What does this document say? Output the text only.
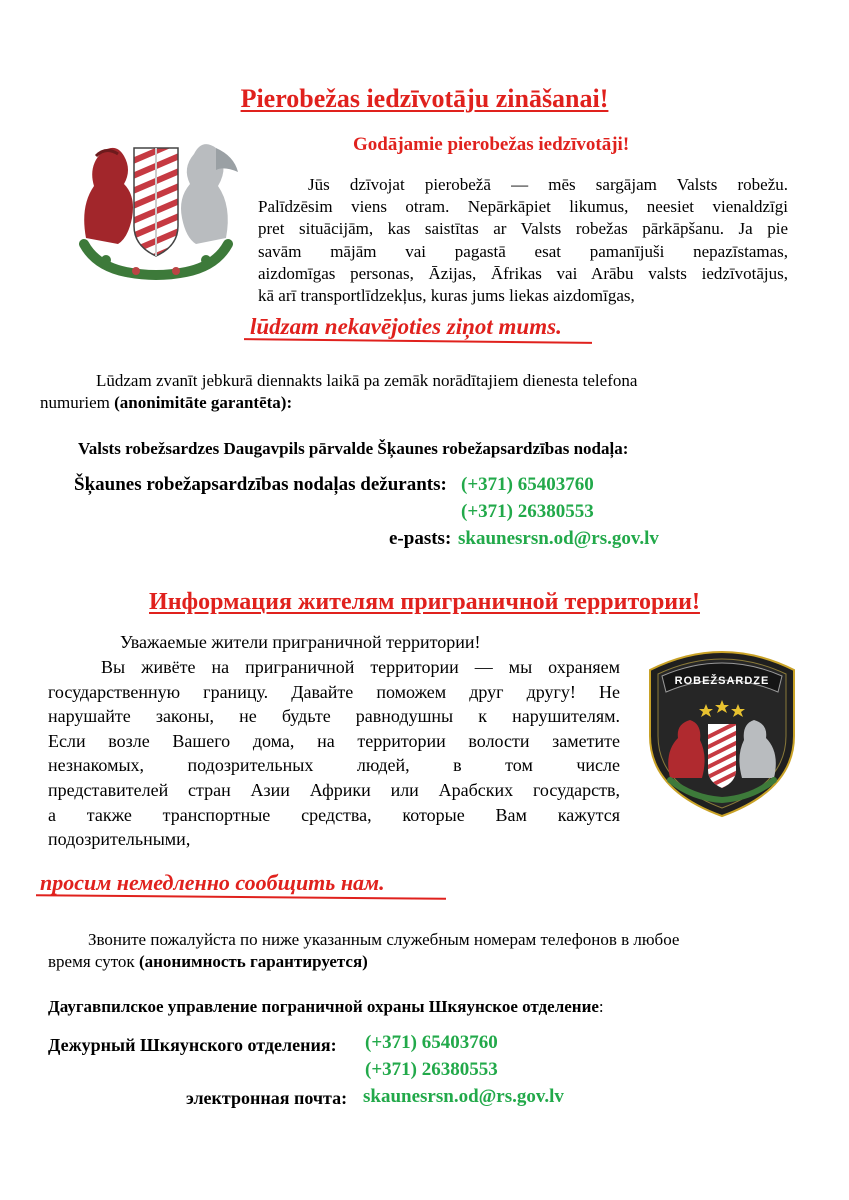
Pierobežas iedzīvotāju zināšanai!
Godājamie pierobežas iedzīvotāji!
Jūs dzīvojat pierobežā — mēs sargājam Valsts robežu.
Palīdzēsim viens otram. Nepārkāpiet likumus, neesiet vienaldzīgi
pret situācijām, kas saistītas ar Valsts robežas pārkāpšanu. Ja pie
savām mājām vai pagastā esat pamanījuši nepazīstamas,
aizdomīgas personas, Āzijas, Āfrikas vai Arābu valsts iedzīvotājus,
kā arī transportlīdzekļus, kuras jums liekas aizdomīgas,
lūdzam nekavējoties ziņot mums.
Lūdzam zvanīt jebkurā diennakts laikā pa zemāk norādītajiem dienesta telefona
numuriem (anonimitāte garantēta):
Valsts robežsardzes Daugavpils pārvalde Šķaunes robežapsardzības nodaļa:
Šķaunes robežapsardzības nodaļas dežurants: (+371) 65403760
(+371) 26380553
e-pasts: skaunesrsn.od@rs.gov.lv
Информация жителям приграничной территории!
Уважаемые жители приграничной территории!
Вы живёте на приграничной территории — мы охраняем
государственную границу. Давайте поможем друг другу! Не
нарушайте законы, не будьте равнодушны к нарушителям.
Если возле Вашего дома, на территории волости заметите
незнакомых, подозрительных людей, в том числе
представителей стран Азии Африки или Арабских государств,
а также транспортные средства, которые Вам кажутся
подозрительными,
ROBEŽSARDZE
просим немедленно сообщить нам.
Звоните пожалуйста по ниже указанным служебным номерам телефонов в любое
время суток (анонимность гарантируется)
Даугавпилское управление пограничной охраны Шкяунское отделение:
Дежурный Шкяунского отделения: (+371) 65403760
(+371) 26380553
электронная почта: skaunesrsn.od@rs.gov.lv
